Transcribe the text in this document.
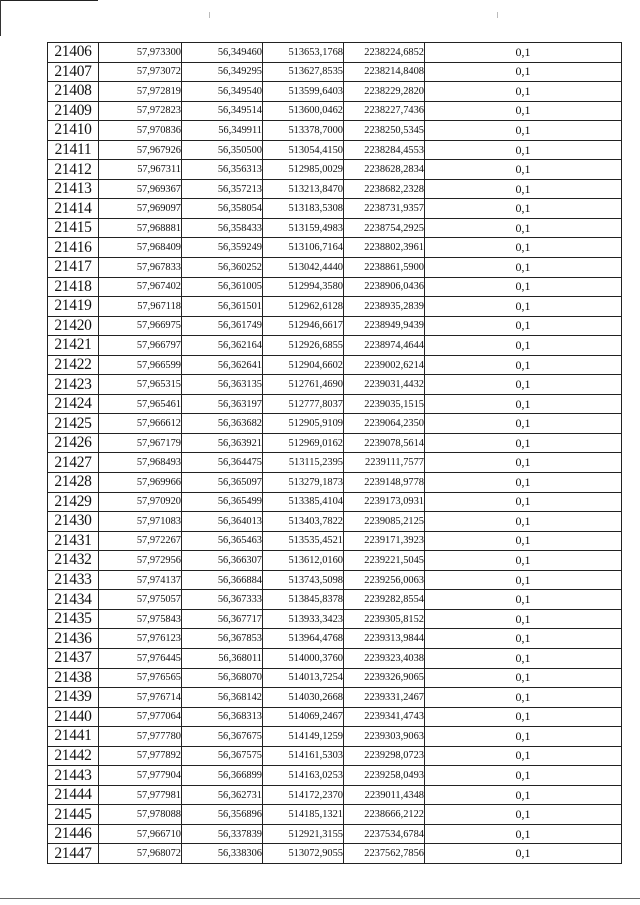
21406	57,973300	56,349460	513653,1768	2238224,6852	0,1
21407	57,973072	56,349295	513627,8535	2238214,8408	0,1
21408	57,972819	56,349540	513599,6403	2238229,2820	0,1
21409	57,972823	56,349514	513600,0462	2238227,7436	0,1
21410	57,970836	56,349911	513378,7000	2238250,5345	0,1
21411	57,967926	56,350500	513054,4150	2238284,4553	0,1
21412	57,967311	56,356313	512985,0029	2238628,2834	0,1
21413	57,969367	56,357213	513213,8470	2238682,2328	0,1
21414	57,969097	56,358054	513183,5308	2238731,9357	0,1
21415	57,968881	56,358433	513159,4983	2238754,2925	0,1
21416	57,968409	56,359249	513106,7164	2238802,3961	0,1
21417	57,967833	56,360252	513042,4440	2238861,5900	0,1
21418	57,967402	56,361005	512994,3580	2238906,0436	0,1
21419	57,967118	56,361501	512962,6128	2238935,2839	0,1
21420	57,966975	56,361749	512946,6617	2238949,9439	0,1
21421	57,966797	56,362164	512926,6855	2238974,4644	0,1
21422	57,966599	56,362641	512904,6602	2239002,6214	0,1
21423	57,965315	56,363135	512761,4690	2239031,4432	0,1
21424	57,965461	56,363197	512777,8037	2239035,1515	0,1
21425	57,966612	56,363682	512905,9109	2239064,2350	0,1
21426	57,967179	56,363921	512969,0162	2239078,5614	0,1
21427	57,968493	56,364475	513115,2395	2239111,7577	0,1
21428	57,969966	56,365097	513279,1873	2239148,9778	0,1
21429	57,970920	56,365499	513385,4104	2239173,0931	0,1
21430	57,971083	56,364013	513403,7822	2239085,2125	0,1
21431	57,972267	56,365463	513535,4521	2239171,3923	0,1
21432	57,972956	56,366307	513612,0160	2239221,5045	0,1
21433	57,974137	56,366884	513743,5098	2239256,0063	0,1
21434	57,975057	56,367333	513845,8378	2239282,8554	0,1
21435	57,975843	56,367717	513933,3423	2239305,8152	0,1
21436	57,976123	56,367853	513964,4768	2239313,9844	0,1
21437	57,976445	56,368011	514000,3760	2239323,4038	0,1
21438	57,976565	56,368070	514013,7254	2239326,9065	0,1
21439	57,976714	56,368142	514030,2668	2239331,2467	0,1
21440	57,977064	56,368313	514069,2467	2239341,4743	0,1
21441	57,977780	56,367675	514149,1259	2239303,9063	0,1
21442	57,977892	56,367575	514161,5303	2239298,0723	0,1
21443	57,977904	56,366899	514163,0253	2239258,0493	0,1
21444	57,977981	56,362731	514172,2370	2239011,4348	0,1
21445	57,978088	56,356896	514185,1321	2238666,2122	0,1
21446	57,966710	56,337839	512921,3155	2237534,6784	0,1
21447	57,968072	56,338306	513072,9055	2237562,7856	0,1
